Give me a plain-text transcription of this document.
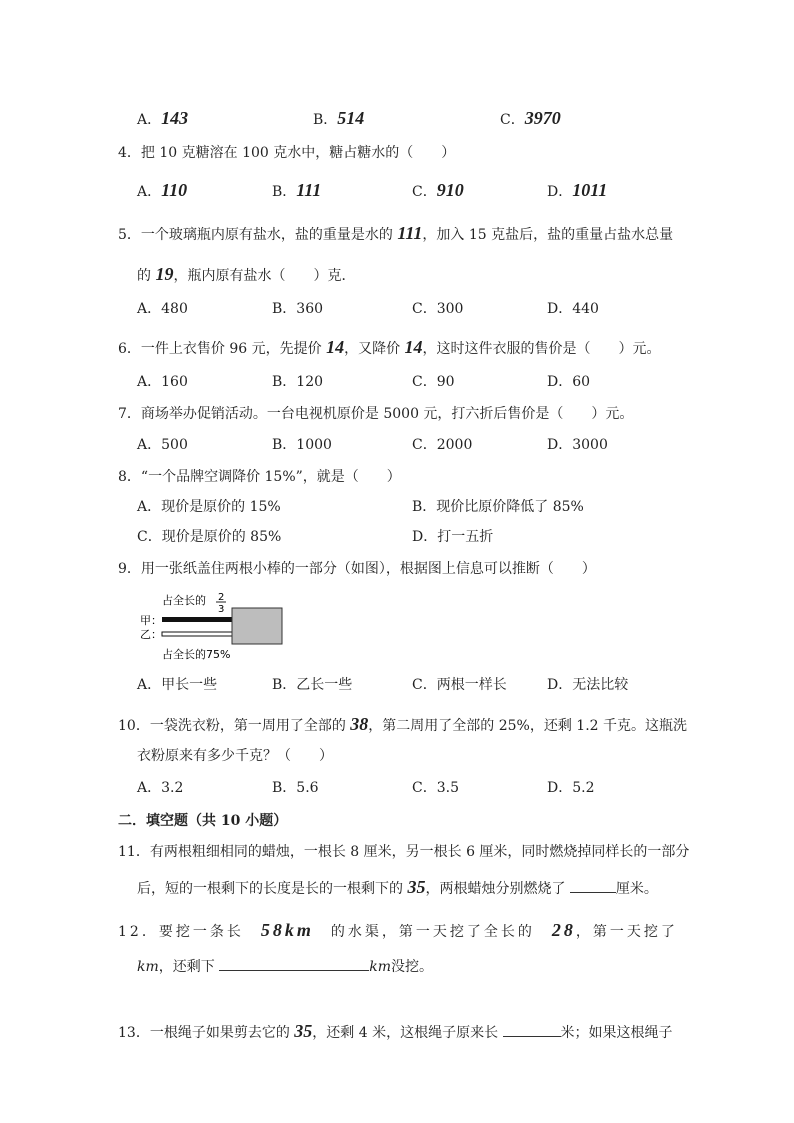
A．143	B．514	C．3970
4．把 10 克糖溶在 100 克水中，糖占糖水的（　　）
A．110	B．111	C．910	D．1011
5．一个玻璃瓶内原有盐水，盐的重量是水的 111，加入 15 克盐后，盐的重量占盐水总量
的 19，瓶内原有盐水（　　）克．
A．480	B．360	C．300	D．440
6．一件上衣售价 96 元，先提价 14，又降价 14，这时这件衣服的售价是（　　）元。
A．160	B．120	C．90	D．60
7．商场举办促销活动。一台电视机原价是 5000 元，打六折后售价是（　　）元。
A．500	B．1000	C．2000	D．3000
8．“一个品牌空调降价 15%”，就是（　　）
A．现价是原价的 15%	B．现价比原价降低了 85%
C．现价是原价的 85%	D．打一五折
9．用一张纸盖住两根小棒的一部分（如图），根据图上信息可以推断（　　）
占全长的 2
3
甲：
乙：
占全长的75%
A．甲长一些	B．乙长一些	C．两根一样长	D．无法比较
10．一袋洗衣粉，第一周用了全部的 38，第二周用了全部的 25%，还剩 1.2 千克。这瓶洗
衣粉原来有多少千克？（　　）
A．3.2	B．5.6	C．3.5	D．5.2
二．填空题（共 10 小题）
11．有两根粗细相同的蜡烛，一根长 8 厘米，另一根长 6 厘米，同时燃烧掉同样长的一部分
后，短的一根剩下的长度是长的一根剩下的 35，两根蜡烛分别燃烧了	厘米。
12．要挖一条长　 58km　 的水渠，第一天挖了全长的　 28，第一天挖了
km，还剩下	km没挖。
13．一根绳子如果剪去它的 35，还剩 4 米，这根绳子原来长	米；如果这根绳子
